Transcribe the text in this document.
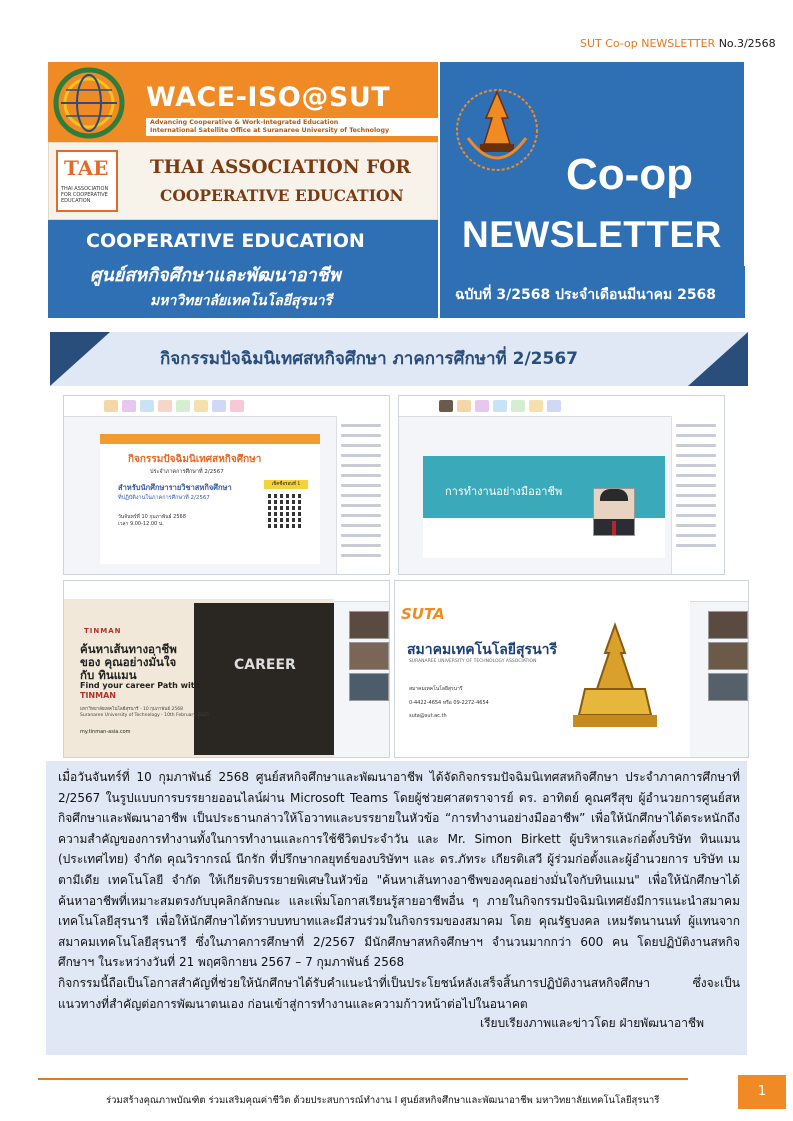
SUT Co-op NEWSLETTER No.3/2568
WACE-ISO@SUT
Advancing Cooperative & Work-Integrated Education
International Satellite Office at Suranaree University of Technology
TAE
THAI ASSOCIATION FOR COOPERATIVE EDUCATION
THAI ASSOCIATION FOR
COOPERATIVE EDUCATION
COOPERATIVE EDUCATION
ศูนย์สหกิจศึกษาและพัฒนาอาชีพ
มหาวิทยาลัยเทคโนโลยีสุรนารี
Co-op
NEWSLETTER
ฉบับที่ 3/2568 ประจำเดือนมีนาคม 2568
กิจกรรมปัจฉิมนิเทศสหกิจศึกษา ภาคการศึกษาที่ 2/2567
กิจกรรมปัจฉิมนิเทศสหกิจศึกษา
ประจำภาคการศึกษาที่ 2/2567
สำหรับนักศึกษารายวิชาสหกิจศึกษา
ที่ปฏิบัติงานในภาคการศึกษาที่ 2/2567
วันจันทร์ที่ 10 กุมภาพันธ์ 2568
เวลา 9.00-12.00 น.
เช็คชื่อรอบที่ 1
การทำงานอย่างมืออาชีพ
TINMAN
ค้นหาเส้นทางอาชีพของ คุณอย่างมั่นใจกับ ทินแมน
Find your career Path with
TINMAN
มหาวิทยาลัยเทคโนโลยีสุรนารี - 10 กุมภาพันธ์ 2568
Suranaree University of Technology - 10th February 2025
my.tinman-asia.com
CAREER
SUTA
สมาคมเทคโนโลยีสุรนารี
SURANAREE UNIVERSITY OF TECHNOLOGY ASSOCIATION
สมาคมเทคโนโลยีสุรนารี
0-4422-4654 หรือ 09-2272-4654
suta@sut.ac.th

เมื่อวันจันทร์ที่ 10 กุมภาพันธ์ 2568 ศูนย์สหกิจศึกษาและพัฒนาอาชีพ ได้จัดกิจกรรมปัจฉิมนิเทศสหกิจศึกษา ประจำภาคการศึกษาที่ 2/2567 ในรูปแบบการบรรยายออนไลน์ผ่าน Microsoft Teams โดยผู้ช่วยศาสตราจารย์ ดร. อาทิตย์ คูณศรีสุข ผู้อำนวยการศูนย์สหกิจศึกษาและพัฒนาอาชีพ เป็นประธานกล่าวให้โอวาทและบรรยายในหัวข้อ “การทำงานอย่างมืออาชีพ” เพื่อให้นักศึกษาได้ตระหนักถึงความสำคัญของการทำงานทั้งในการทำงานและการใช้ชีวิตประจำวัน และ Mr. Simon Birkett ผู้บริหารและก่อตั้งบริษัท ทินแมน (ประเทศไทย) จำกัด คุณวิรากรณ์ นีกรัก ที่ปรึกษากลยุทธ์ของบริษัทฯ และ ดร.ภัทระ เกียรติเสวี ผู้ร่วมก่อตั้งและผู้อำนวยการ บริษัท เมตามีเดีย เทคโนโลยี จำกัด ให้เกียรติบรรยายพิเศษในหัวข้อ "ค้นหาเส้นทางอาชีพของคุณอย่างมั่นใจกับทินแมน" เพื่อให้นักศึกษาได้ค้นหาอาชีพที่เหมาะสมตรงกับบุคลิกลักษณะ และเพิ่มโอกาสเรียนรู้สายอาชีพอื่น ๆ ภายในกิจกรรมปัจฉิมนิเทศยังมีการแนะนำสมาคมเทคโนโลยีสุรนารี เพื่อให้นักศึกษาได้ทราบบทบาทและมีส่วนร่วมในกิจกรรมของสมาคม โดย คุณรัฐบงคล เหมรัตนานนท์ ผู้แทนจากสมาคมเทคโนโลยีสุรนารี ซึ่งในภาคการศึกษาที่ 2/2567 มีนักศึกษาสหกิจศึกษาฯ จำนวนมากกว่า 600 คน โดยปฏิบัติงานสหกิจศึกษาฯ ในระหว่างวันที่ 21 พฤศจิกายน 2567 – 7 กุมภาพันธ์ 2568

กิจกรรมนี้ถือเป็นโอกาสสำคัญที่ช่วยให้นักศึกษาได้รับคำแนะนำที่เป็นประโยชน์หลังเสร็จสิ้นการปฏิบัติงานสหกิจศึกษา ซึ่งจะเป็นแนวทางที่สำคัญต่อการพัฒนาตนเอง ก่อนเข้าสู่การทำงานและความก้าวหน้าต่อไปในอนาคต

เรียบเรียงภาพและข่าวโดย ฝ่ายพัฒนาอาชีพ
ร่วมสร้างคุณภาพบัณฑิต ร่วมเสริมคุณค่าชีวิต ด้วยประสบการณ์ทำงาน I ศูนย์สหกิจศึกษาและพัฒนาอาชีพ มหาวิทยาลัยเทคโนโลยีสุรนารี
1
